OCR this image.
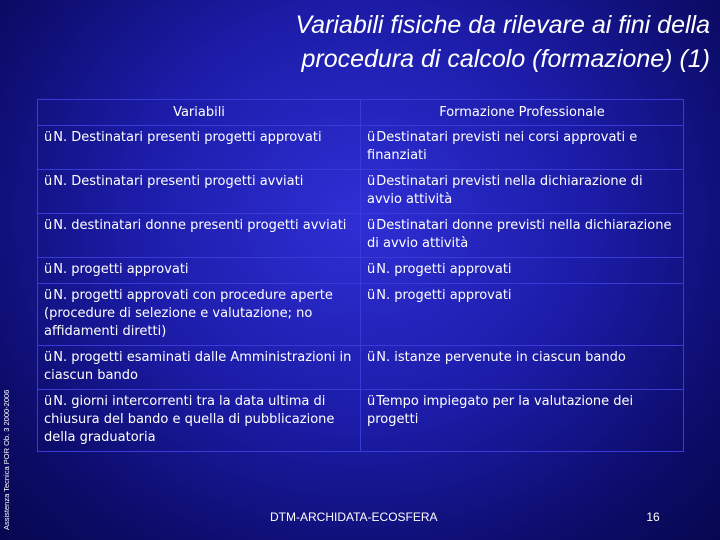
Variabili fisiche da rilevare ai fini della
procedura di calcolo (formazione) (1)
Assistenza Tecnica POR Ob. 3 2000-2006
Variabili	Formazione Professionale
üN. Destinatari presenti progetti approvati	üDestinatari previsti nei corsi approvati e finanziati
üN. Destinatari presenti progetti avviati	üDestinatari previsti nella dichiarazione di avvio attività
üN. destinatari donne presenti progetti avviati	üDestinatari donne previsti nella dichiarazione di avvio attività
üN. progetti approvati	üN. progetti approvati
üN. progetti approvati con procedure aperte (procedure di selezione e valutazione; no affidamenti diretti)	üN. progetti approvati
üN. progetti esaminati dalle Amministrazioni in ciascun bando	üN. istanze pervenute in ciascun bando
üN. giorni intercorrenti tra la data ultima di chiusura del bando e quella di pubblicazione della graduatoria	üTempo impiegato per la valutazione dei progetti
DTM-ARCHIDATA-ECOSFERA	16
